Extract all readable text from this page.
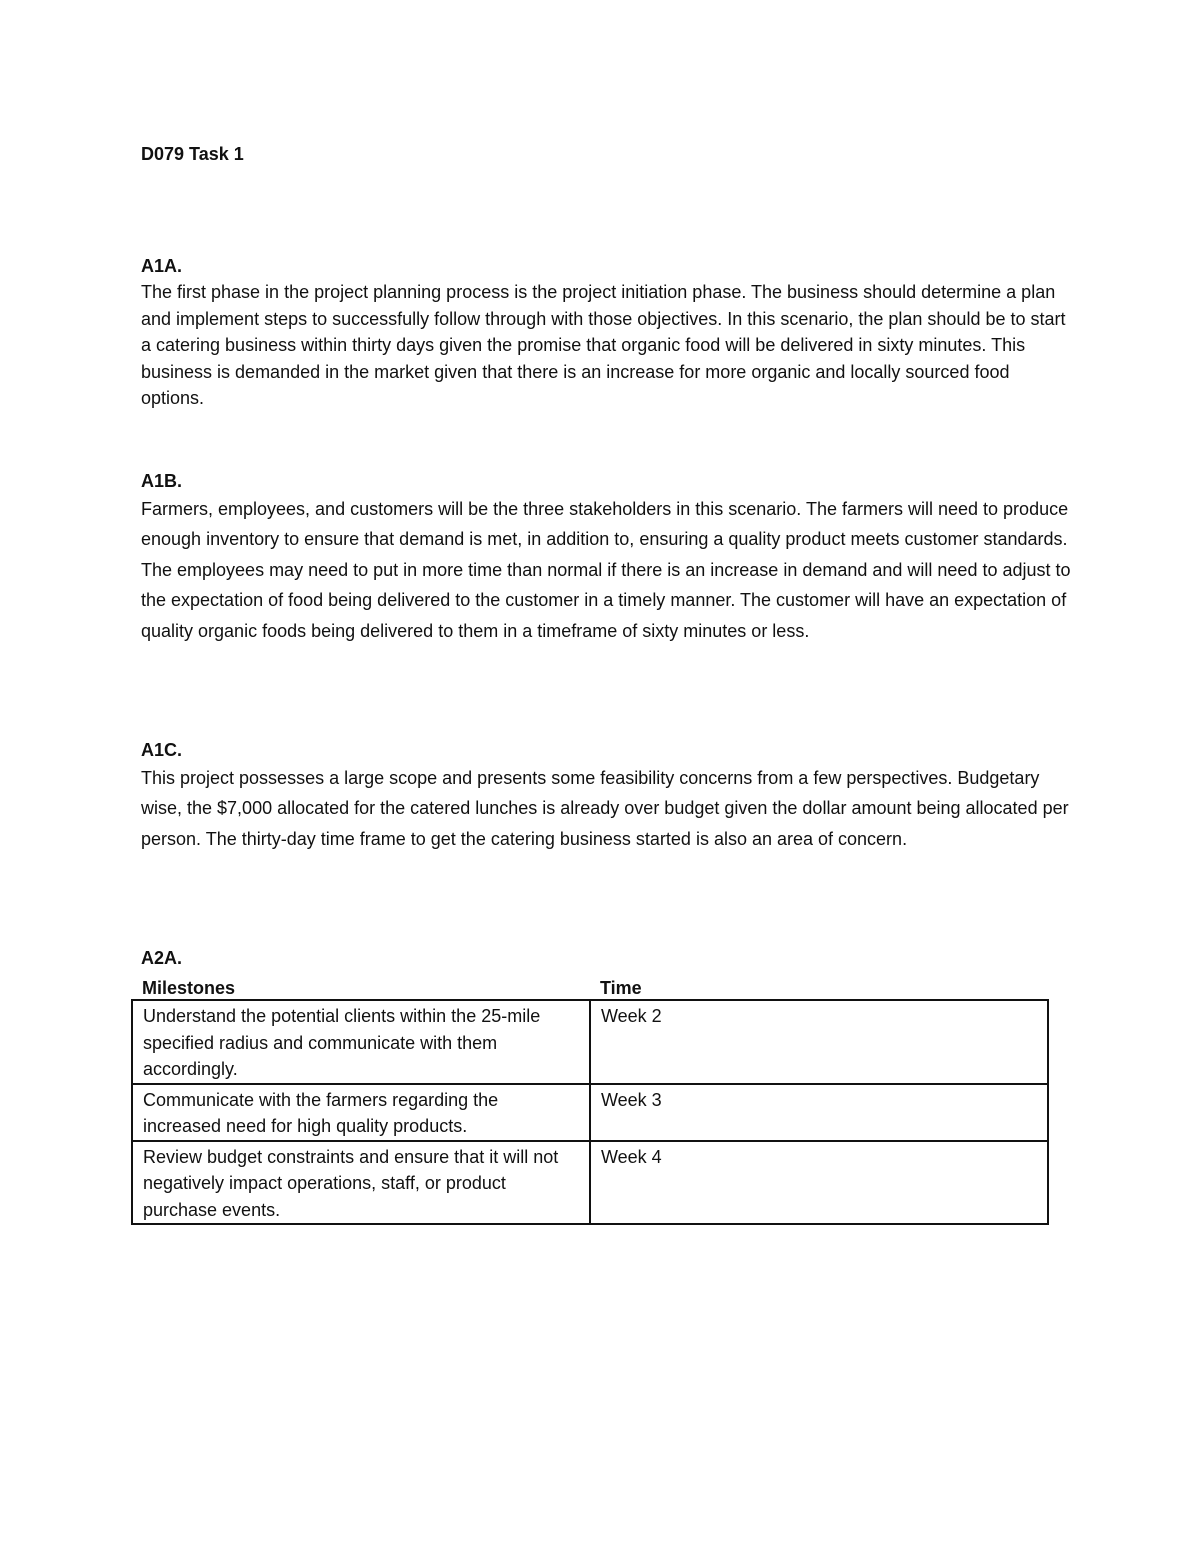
D079 Task 1
A1A.

The first phase in the project planning process is the project initiation phase. The business should determine a plan and implement steps to successfully follow through with those objectives. In this scenario, the plan should be to start a catering business within thirty days given the promise that organic food will be delivered in sixty minutes. This business is demanded in the market given that there is an increase for more organic and locally sourced food options.

A1B.

Farmers, employees, and customers will be the three stakeholders in this scenario. The farmers will need to produce enough inventory to ensure that demand is met, in addition to, ensuring a quality product meets customer standards. The employees may need to put in more time than normal if there is an increase in demand and will need to adjust to the expectation of food being delivered to the customer in a timely manner. The customer will have an expectation of quality organic foods being delivered to them in a timeframe of sixty minutes or less.

A1C.

This project possesses a large scope and presents some feasibility concerns from a few perspectives. Budgetary wise, the $7,000 allocated for the catered lunches is already over budget given the dollar amount being allocated per person. The thirty-day time frame to get the catering business started is also an area of concern.

A2A.
Milestones	Time
Understand the potential clients within the 25-mile specified radius and communicate with them accordingly.	Week 2
Communicate with the farmers regarding the increased need for high quality products.	Week 3
Review budget constraints and ensure that it will not negatively impact operations, staff, or product purchase events.	Week 4
